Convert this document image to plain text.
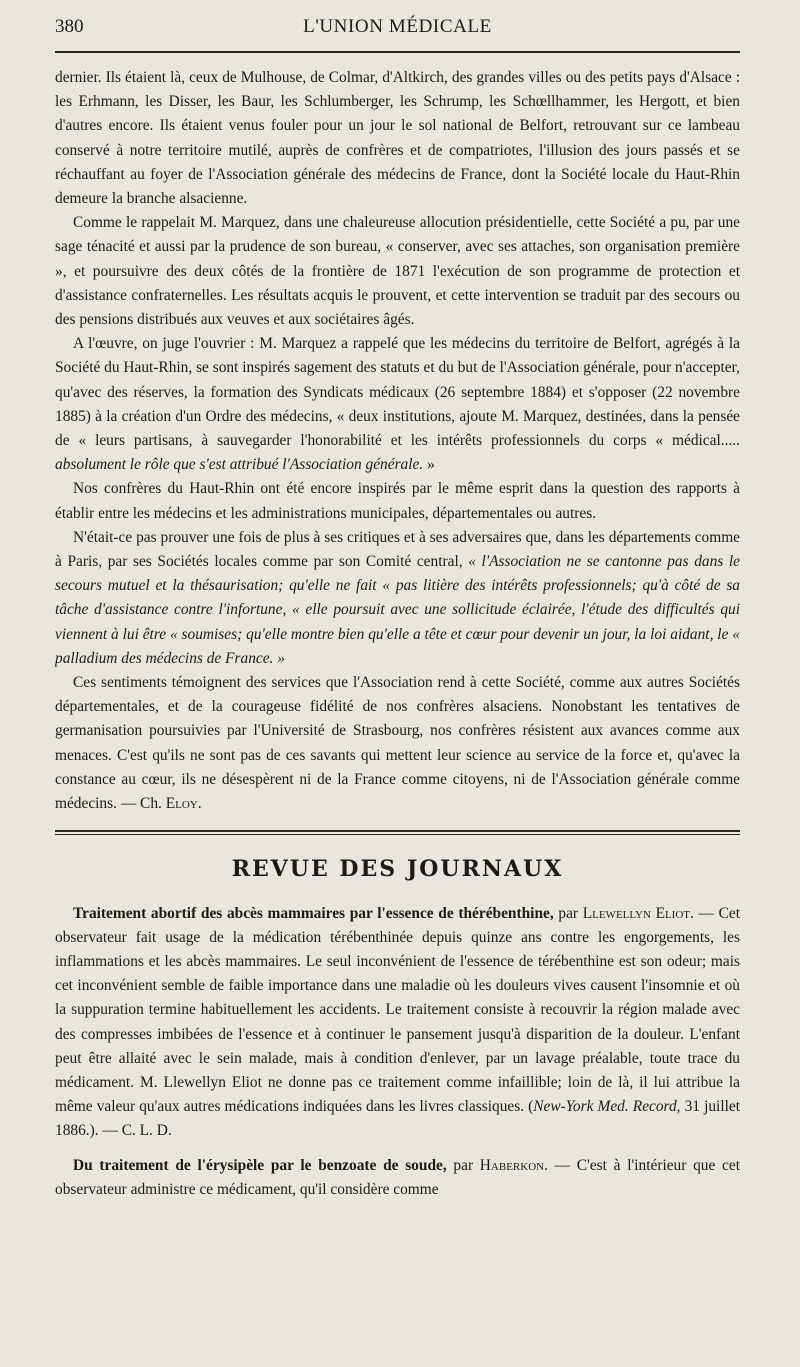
380	L'UNION MÉDICALE

dernier. Ils étaient là, ceux de Mulhouse, de Colmar, d'Altkirch, des grandes villes ou des petits pays d'Alsace : les Erhmann, les Disser, les Baur, les Schlumberger, les Schrump, les Schœllhammer, les Hergott, et bien d'autres encore. Ils étaient venus fouler pour un jour le sol national de Belfort, retrouvant sur ce lambeau conservé à notre territoire mutilé, auprès de confrères et de compatriotes, l'illusion des jours passés et se réchauffant au foyer de l'Association générale des médecins de France, dont la Société locale du Haut-Rhin demeure la branche alsacienne.

Comme le rappelait M. Marquez, dans une chaleureuse allocution présidentielle, cette Société a pu, par une sage ténacité et aussi par la prudence de son bureau, « conserver, avec ses attaches, son organisation première », et poursuivre des deux côtés de la frontière de 1871 l'exécution de son programme de protection et d'assistance confraternelles. Les résultats acquis le prouvent, et cette intervention se traduit par des secours ou des pensions distribués aux veuves et aux sociétaires âgés.

A l'œuvre, on juge l'ouvrier : M. Marquez a rappelé que les médecins du territoire de Belfort, agrégés à la Société du Haut-Rhin, se sont inspirés sagement des statuts et du but de l'Association générale, pour n'accepter, qu'avec des réserves, la formation des Syndicats médicaux (26 septembre 1884) et s'opposer (22 novembre 1885) à la création d'un Ordre des médecins, « deux institutions, ajoute M. Marquez, destinées, dans la pensée de « leurs partisans, à sauvegarder l'honorabilité et les intérêts professionnels du corps « médical..... absolument le rôle que s'est attribué l'Association générale. »

Nos confrères du Haut-Rhin ont été encore inspirés par le même esprit dans la question des rapports à établir entre les médecins et les administrations municipales, départementales ou autres.

N'était-ce pas prouver une fois de plus à ses critiques et à ses adversaires que, dans les départements comme à Paris, par ses Sociétés locales comme par son Comité central, « l'Association ne se cantonne pas dans le secours mutuel et la thésaurisation; qu'elle ne fait « pas litière des intérêts professionnels; qu'à côté de sa tâche d'assistance contre l'infortune, « elle poursuit avec une sollicitude éclairée, l'étude des difficultés qui viennent à lui être « soumises; qu'elle montre bien qu'elle a tête et cœur pour devenir un jour, la loi aidant, le « palladium des médecins de France. »

Ces sentiments témoignent des services que l'Association rend à cette Société, comme aux autres Sociétés départementales, et de la courageuse fidélité de nos confrères alsaciens. Nonobstant les tentatives de germanisation poursuivies par l'Université de Strasbourg, nos confrères résistent aux avances comme aux menaces. C'est qu'ils ne sont pas de ces savants qui mettent leur science au service de la force et, qu'avec la constance au cœur, ils ne désespèrent ni de la France comme citoyens, ni de l'Association générale comme médecins. — Ch. Eloy.

REVUE DES JOURNAUX

Traitement abortif des abcès mammaires par l'essence de thérébenthine, par Llewellyn Eliot. — Cet observateur fait usage de la médication térébenthinée depuis quinze ans contre les engorgements, les inflammations et les abcès mammaires. Le seul inconvénient de l'essence de térébenthine est son odeur; mais cet inconvénient semble de faible importance dans une maladie où les douleurs vives causent l'insomnie et où la suppuration termine habituellement les accidents. Le traitement consiste à recouvrir la région malade avec des compresses imbibées de l'essence et à continuer le pansement jusqu'à disparition de la douleur. L'enfant peut être allaité avec le sein malade, mais à condition d'enlever, par un lavage préalable, toute trace du médicament. M. Llewellyn Eliot ne donne pas ce traitement comme infaillible; loin de là, il lui attribue la même valeur qu'aux autres médications indiquées dans les livres classiques. (New-York Med. Record, 31 juillet 1886.). — C. L. D.

Du traitement de l'érysipèle par le benzoate de soude, par Haberkon. — C'est à l'intérieur que cet observateur administre ce médicament, qu'il considère comme
